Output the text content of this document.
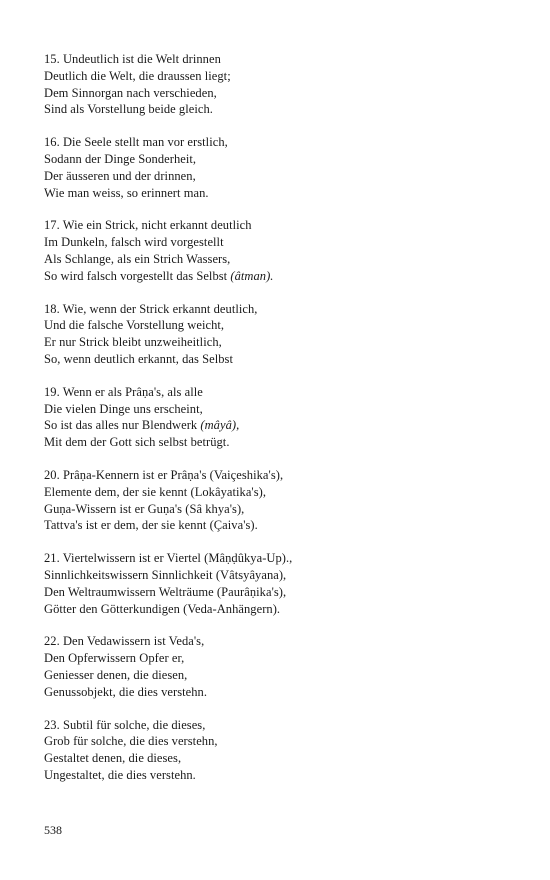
15. Undeutlich ist die Welt drinnen
Deutlich die Welt, die draussen liegt;
Dem Sinnorgan nach verschieden,
Sind als Vorstellung beide gleich.
16. Die Seele stellt man vor erstlich,
Sodann der Dinge Sonderheit,
Der äusseren und der drinnen,
Wie man weiss, so erinnert man.
17. Wie ein Strick, nicht erkannt deutlich
Im Dunkeln, falsch wird vorgestellt
Als Schlange, als ein Strich Wassers,
So wird falsch vorgestellt das Selbst (âtman).
18. Wie, wenn der Strick erkannt deutlich,
Und die falsche Vorstellung weicht,
Er nur Strick bleibt unzweiheitlich,
So, wenn deutlich erkannt, das Selbst
19. Wenn er als Prâṇa's, als alle
Die vielen Dinge uns erscheint,
So ist das alles nur Blendwerk (mâyâ),
Mit dem der Gott sich selbst betrügt.
20. Prâṇa-Kennern ist er Prâṇa's (Vaiçeshika's),
Elemente dem, der sie kennt (Lokâyatika's),
Guṇa-Wissern ist er Guṇa's (Sâ khya's),
Tattva's ist er dem, der sie kennt (Çaiva's).
21. Viertelwissern ist er Viertel (Mâṇḍûkya-Up).,
Sinnlichkeitswissern Sinnlichkeit (Vâtsyâyana),
Den Weltraumwissern Welträume (Paurâṇika's),
Götter den Götterkundigen (Veda-Anhängern).
22. Den Vedawissern ist Veda's,
Den Opferwissern Opfer er,
Geniesser denen, die diesen,
Genussobjekt, die dies verstehn.
23. Subtil für solche, die dieses,
Grob für solche, die dies verstehn,
Gestaltet denen, die dieses,
Ungestaltet, die dies verstehn.
538
